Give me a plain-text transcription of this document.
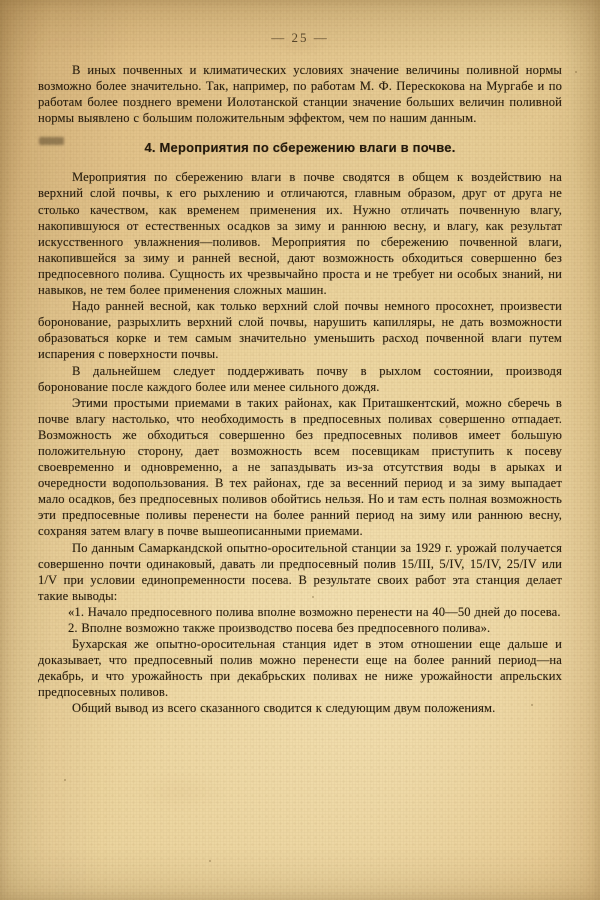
— 25 —

В иных почвенных и климатических условиях значение величины поливной нормы возможно более значительно. Так, например, по работам М. Ф. Перескокова на Мургабе и по работам более позднего времени Иолотанской станции значение больших величин поливной нормы выявлено с большим положительным эффектом, чем по нашим данным.

4. Мероприятия по сбережению влаги в почве.

Мероприятия по сбережению влаги в почве сводятся в общем к воздействию на верхний слой почвы, к его рыхлению и отличаются, главным образом, друг от друга не столько качеством, как временем применения их. Нужно отличать почвенную влагу, накопившуюся от естественных осадков за зиму и раннюю весну, и влагу, как результат искусственного увлажнения—поливов. Мероприятия по сбережению почвенной влаги, накопившейся за зиму и ранней весной, дают возможность обходиться совершенно без предпосевного полива. Сущность их чрезвычайно проста и не требует ни особых знаний, ни навыков, не тем более применения сложных машин.

Надо ранней весной, как только верхний слой почвы немного просохнет, произвести боронование, разрыхлить верхний слой почвы, нарушить капилляры, не дать возможности образоваться корке и тем самым значительно уменьшить расход почвенной влаги путем испарения с поверхности почвы.

В дальнейшем следует поддерживать почву в рыхлом состоянии, производя боронование после каждого более или менее сильного дождя.

Этими простыми приемами в таких районах, как Приташкентский, можно сберечь в почве влагу настолько, что необходимость в предпосевных поливах совершенно отпадает. Возможность же обходиться совершенно без предпосевных поливов имеет большую положительную сторону, дает возможность всем посевщикам приступить к посеву своевременно и одновременно, а не запаздывать из-за отсутствия воды в арыках и очередности водопользования. В тех районах, где за весенний период и за зиму выпадает мало осадков, без предпосевных поливов обойтись нельзя. Но и там есть полная возможность эти предпосевные поливы перенести на более ранний период на зиму или раннюю весну, сохраняя затем влагу в почве вышеописанными приемами.

По данным Самаркандской опытно-оросительной станции за 1929 г. урожай получается совершенно почти одинаковый, давать ли предпосевный полив 15/III, 5/IV, 15/IV, 25/IV или 1/V при условии единопременности посева. В результате своих работ эта станция делает такие выводы:

«1. Начало предпосевного полива вполне возможно перенести на 40—50 дней до посева.

2. Вполне возможно также производство посева без предпосевного полива».

Бухарская же опытно-оросительная станция идет в этом отношении еще дальше и доказывает, что предпосевный полив можно перенести еще на более ранний период—на декабрь, и что урожайность при декабрьских поливах не ниже урожайности апрельских предпосевных поливов.

Общий вывод из всего сказанного сводится к следующим двум положениям.
